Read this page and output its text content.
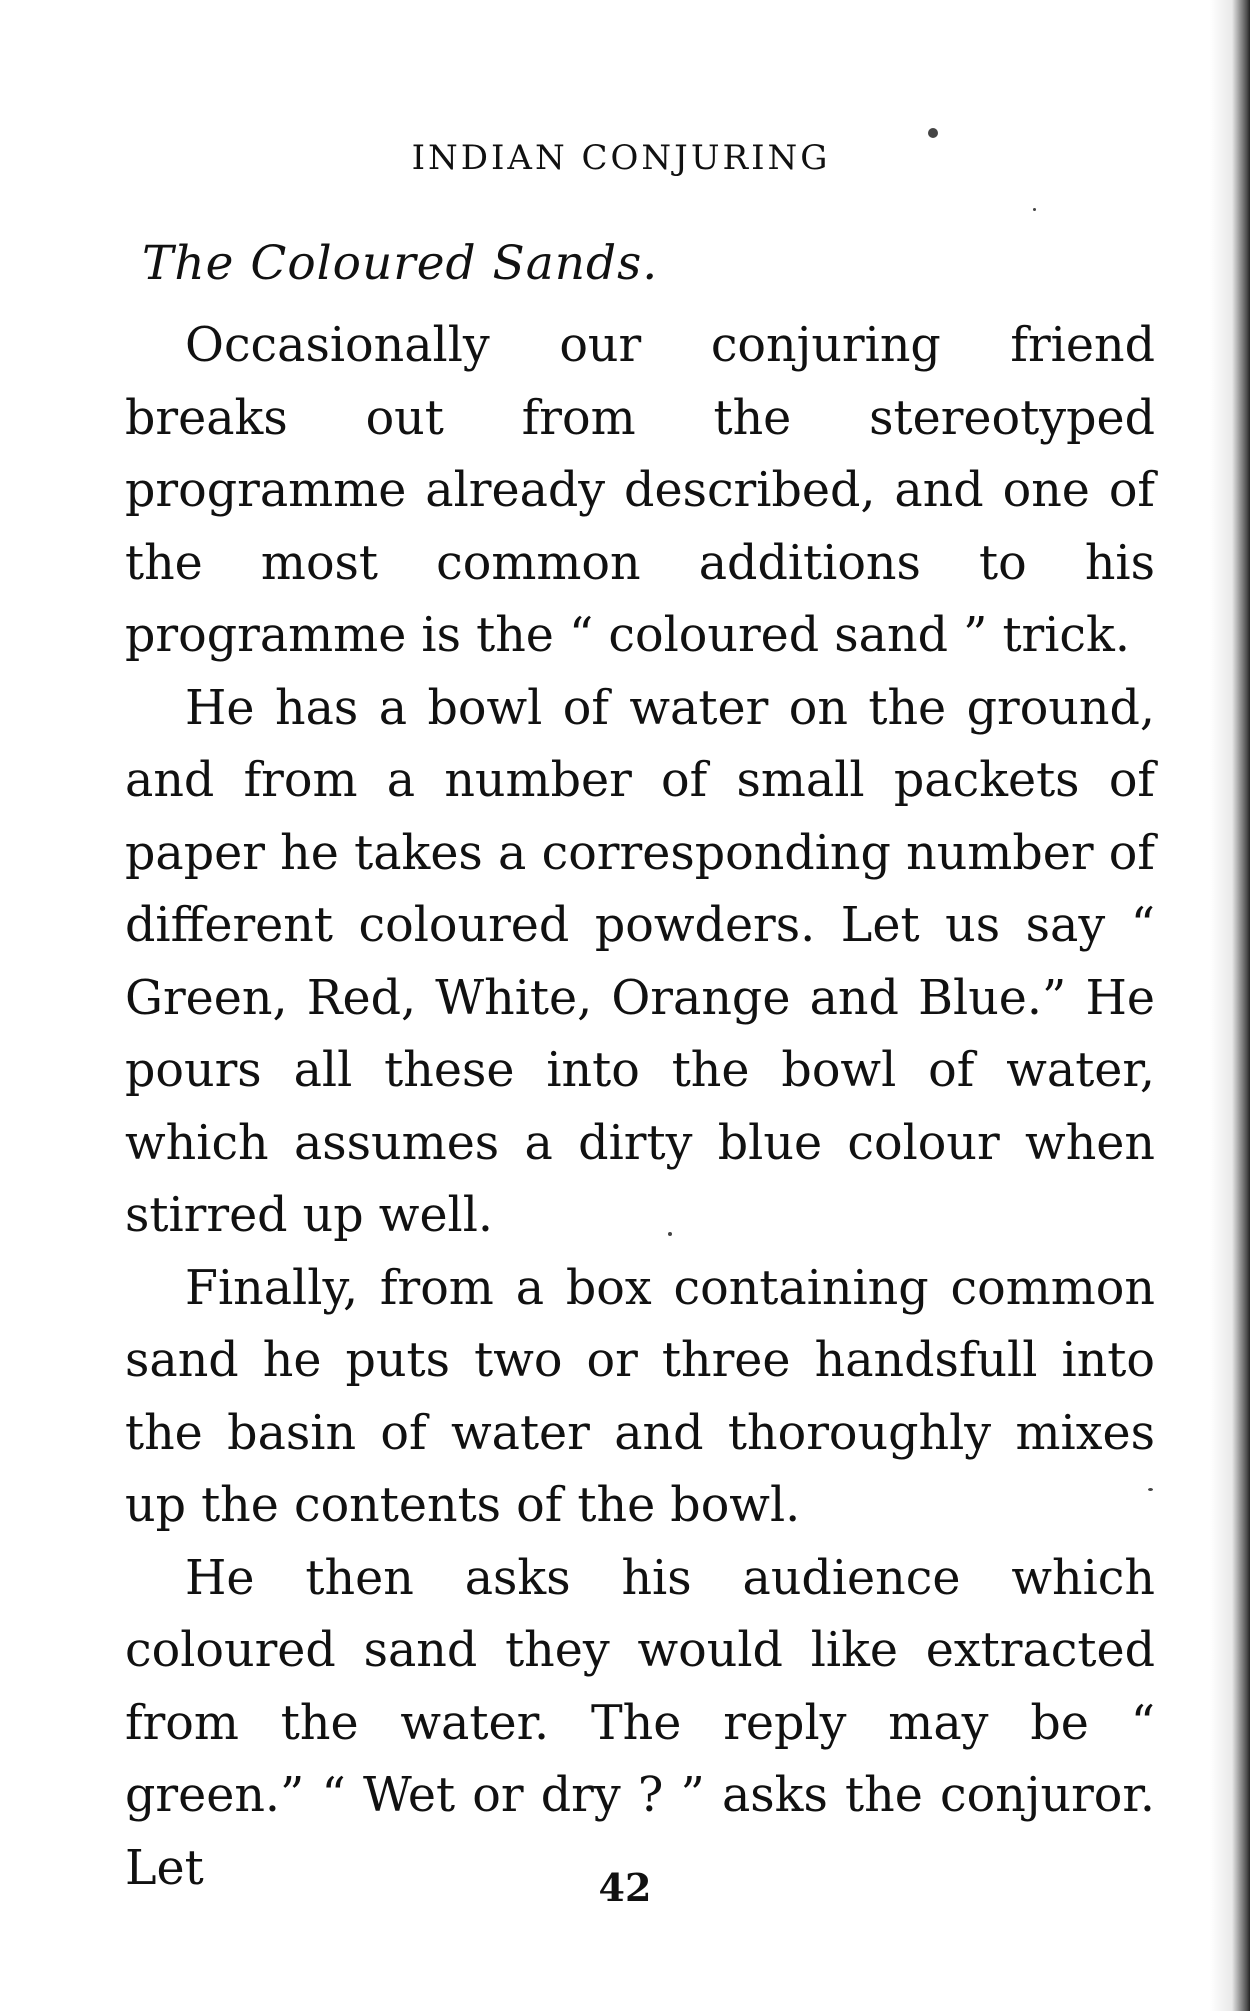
INDIAN CONJURING
The Coloured Sands.

Occasionally our conjuring friend breaks out from the stereotyped programme already described, and one of the most common additions to his programme is the “ coloured sand ” trick.

He has a bowl of water on the ground, and from a number of small packets of paper he takes a corresponding number of different coloured powders. Let us say “ Green, Red, White, Orange and Blue.” He pours all these into the bowl of water, which assumes a dirty blue colour when stirred up well.

Finally, from a box containing common sand he puts two or three handsfull into the basin of water and thoroughly mixes up the contents of the bowl.

He then asks his audience which coloured sand they would like extracted from the water. The reply may be “ green.” “ Wet or dry ? ” asks the conjuror. Let	42
